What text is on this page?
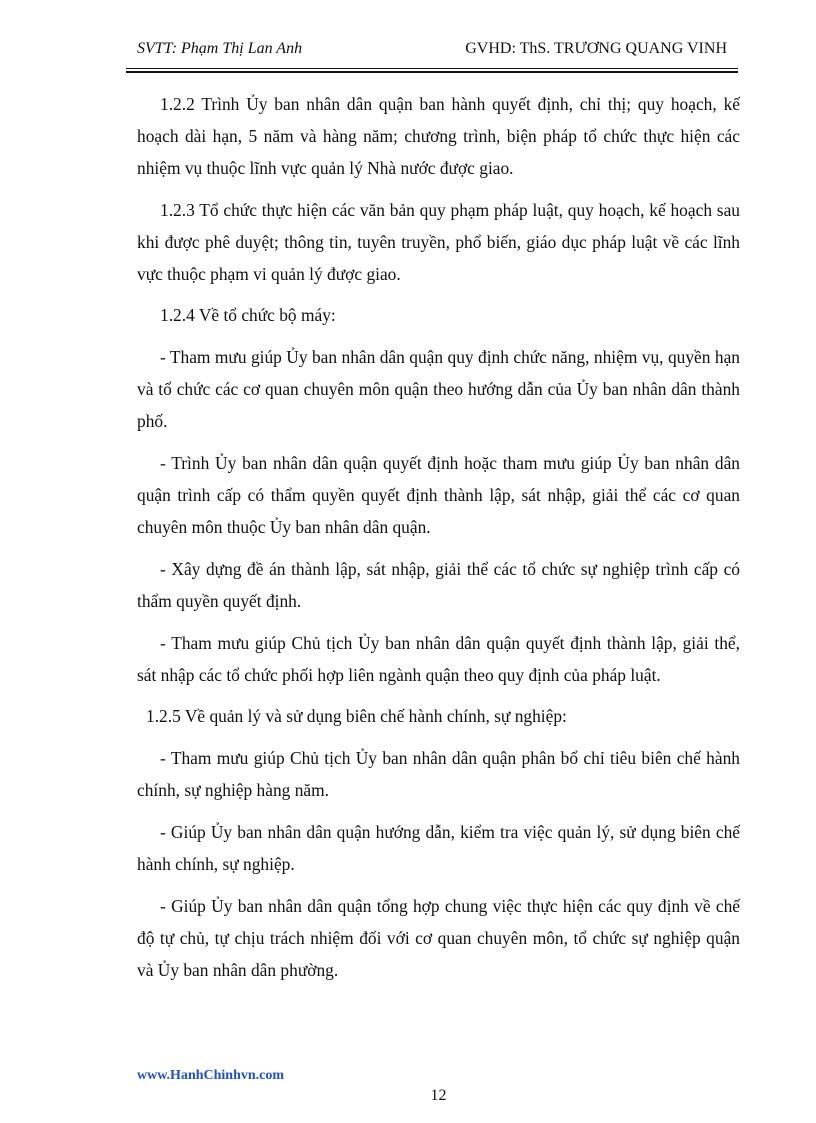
SVTT: Phạm Thị Lan Anh	GVHD: ThS. TRƯƠNG QUANG VINH

1.2.2 Trình Ủy ban nhân dân quận ban hành quyết định, chỉ thị; quy hoạch, kế hoạch dài hạn, 5 năm và hàng năm; chương trình, biện pháp tổ chức thực hiện các nhiệm vụ thuộc lĩnh vực quản lý Nhà nước được giao.

1.2.3 Tổ chức thực hiện các văn bản quy phạm pháp luật, quy hoạch, kế hoạch sau khi được phê duyệt; thông tin, tuyên truyền, phổ biến, giáo dục pháp luật về các lĩnh vực thuộc phạm vi quản lý được giao.

1.2.4 Về tổ chức bộ máy:

- Tham mưu giúp Ủy ban nhân dân quận quy định chức năng, nhiệm vụ, quyền hạn và tổ chức các cơ quan chuyên môn quận theo hướng dẫn của Ủy ban nhân dân thành phố.

- Trình Ủy ban nhân dân quận quyết định hoặc tham mưu giúp Ủy ban nhân dân quận trình cấp có thẩm quyền quyết định thành lập, sát nhập, giải thể các cơ quan chuyên môn thuộc Ủy ban nhân dân quận.

- Xây dựng đề án thành lập, sát nhập, giải thể các tổ chức sự nghiệp trình cấp có thẩm quyền quyết định.

- Tham mưu giúp Chủ tịch Ủy ban nhân dân quận quyết định thành lập, giải thể, sát nhập các tổ chức phối hợp liên ngành quận theo quy định của pháp luật.

1.2.5 Về quản lý và sử dụng biên chế hành chính, sự nghiệp:

- Tham mưu giúp Chủ tịch Ủy ban nhân dân quận phân bổ chỉ tiêu biên chế hành chính, sự nghiệp hàng năm.

- Giúp Ủy ban nhân dân quận hướng dẫn, kiểm tra việc quản lý, sử dụng biên chế hành chính, sự nghiệp.

- Giúp Ủy ban nhân dân quận tổng hợp chung việc thực hiện các quy định về chế độ tự chủ, tự chịu trách nhiệm đối với cơ quan chuyên môn, tổ chức sự nghiệp quận và Ủy ban nhân dân phường.

www.HanhChinhvn.com
12
